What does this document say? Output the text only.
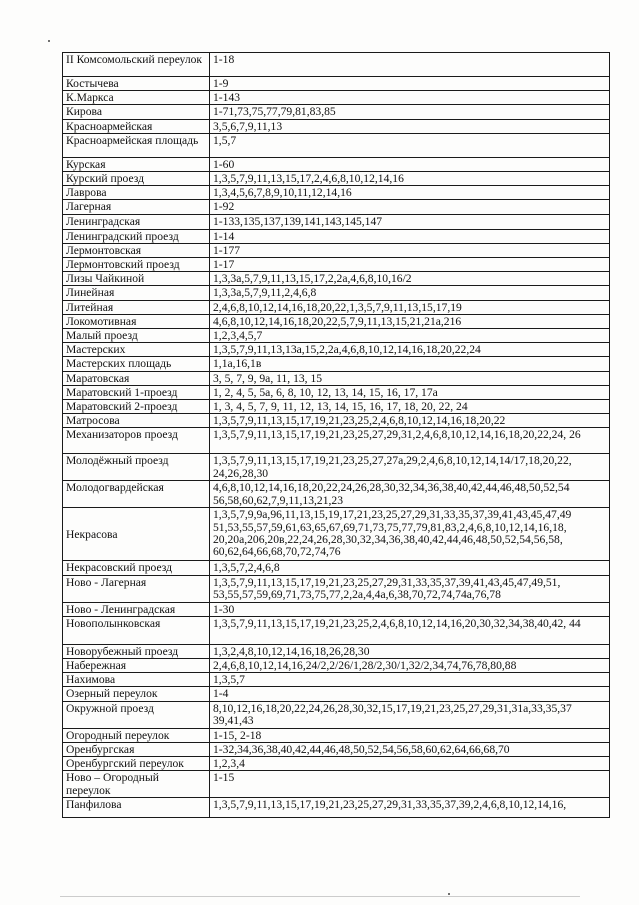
II Комсомольский переулок	1-18
Костычева	1-9
К.Маркса	1-143
Кирова	1-71,73,75,77,79,81,83,85
Красноармейская	3,5,6,7,9,11,13
Красноармейская площадь	1,5,7
Курская	1-60
Курский проезд	1,3,5,7,9,11,13,15,17,2,4,6,8,10,12,14,16
Лаврова	1,3,4,5,6,7,8,9,10,11,12,14,16
Лагерная	1-92
Ленинградская	1-133,135,137,139,141,143,145,147
Ленинградский проезд	1-14
Лермонтовская	1-177
Лермонтовский проезд	1-17
Лизы Чайкиной	1,3,3а,5,7,9,11,13,15,17,2,2а,4,6,8,10,16/2
Линейная	1,3,3а,5,7,9,11,2,4,6,8
Литейная	2,4,6,8,10,12,14,16,18,20,22,1,3,5,7,9,11,13,15,17,19
Локомотивная	4,6,8,10,12,14,16,18,20,22,5,7,9,11,13,15,21,21а,216
Малый проезд	1,2,3,4,5,7
Мастерских	1,3,5,7,9,11,13,13а,15,2,2а,4,6,8,10,12,14,16,18,20,22,24
Мастерских площадь	1,1а,16,1в
Маратовская	3, 5, 7, 9, 9а, 11, 13, 15
Маратовский 1-проезд	1, 2, 4, 5, 5а, 6, 8, 10, 12, 13, 14, 15, 16, 17, 17а
Маратовский 2-проезд	1, 3, 4, 5, 7, 9, 11, 12, 13, 14, 15, 16, 17, 18, 20, 22, 24
Матросова	1,3,5,7,9,11,13,15,17,19,21,23,25,2,4,6,8,10,12,14,16,18,20,22
Механизаторов проезд	1,3,5,7,9,11,13,15,17,19,21,23,25,27,29,31,2,4,6,8,10,12,14,16,18,20,22,24, 26
Молодёжный проезд	1,3,5,7,9,11,13,15,17,19,21,23,25,27,27а,29,2,4,6,8,10,12,14,14/17,18,20,22, 24,26,28,30
Молодогвардейская	4,6,8,10,12,14,16,18,20,22,24,26,28,30,32,34,36,38,40,42,44,46,48,50,52,54 56,58,60,62,7,9,11,13,21,23
Некрасова	1,3,5,7,9,9а,96,11,13,15,19,17,21,23,25,27,29,31,33,35,37,39,41,43,45,47,49 51,53,55,57,59,61,63,65,67,69,71,73,75,77,79,81,83,2,4,6,8,10,12,14,16,18, 20,20а,206,20в,22,24,26,28,30,32,34,36,38,40,42,44,46,48,50,52,54,56,58, 60,62,64,66,68,70,72,74,76
Некрасовский проезд	1,3,5,7,2,4,6,8
Ново - Лагерная	1,3,5,7,9,11,13,15,17,19,21,23,25,27,29,31,33,35,37,39,41,43,45,47,49,51, 53,55,57,59,69,71,73,75,77,2,2а,4,4а,6,38,70,72,74,74а,76,78
Ново - Ленинградская	1-30
Новополынковская	1,3,5,7,9,11,13,15,17,19,21,23,25,2,4,6,8,10,12,14,16,20,30,32,34,38,40,42, 44
Новорубежный проезд	1,3,2,4,8,10,12,14,16,18,26,28,30
Набережная	2,4,6,8,10,12,14,16,24/2,2/26/1,28/2,30/1,32/2,34,74,76,78,80,88
Нахимова	1,3,5,7
Озерный переулок	1-4
Окружной проезд	8,10,12,16,18,20,22,24,26,28,30,32,15,17,19,21,23,25,27,29,31,31а,33,35,37 39,41,43
Огородный переулок	1-15, 2-18
Оренбургская	1-32,34,36,38,40,42,44,46,48,50,52,54,56,58,60,62,64,66,68,70
Оренбургский переулок	1,2,3,4
Ново – Огородный переулок	1-15
Панфилова	1,3,5,7,9,11,13,15,17,19,21,23,25,27,29,31,33,35,37,39,2,4,6,8,10,12,14,16,
